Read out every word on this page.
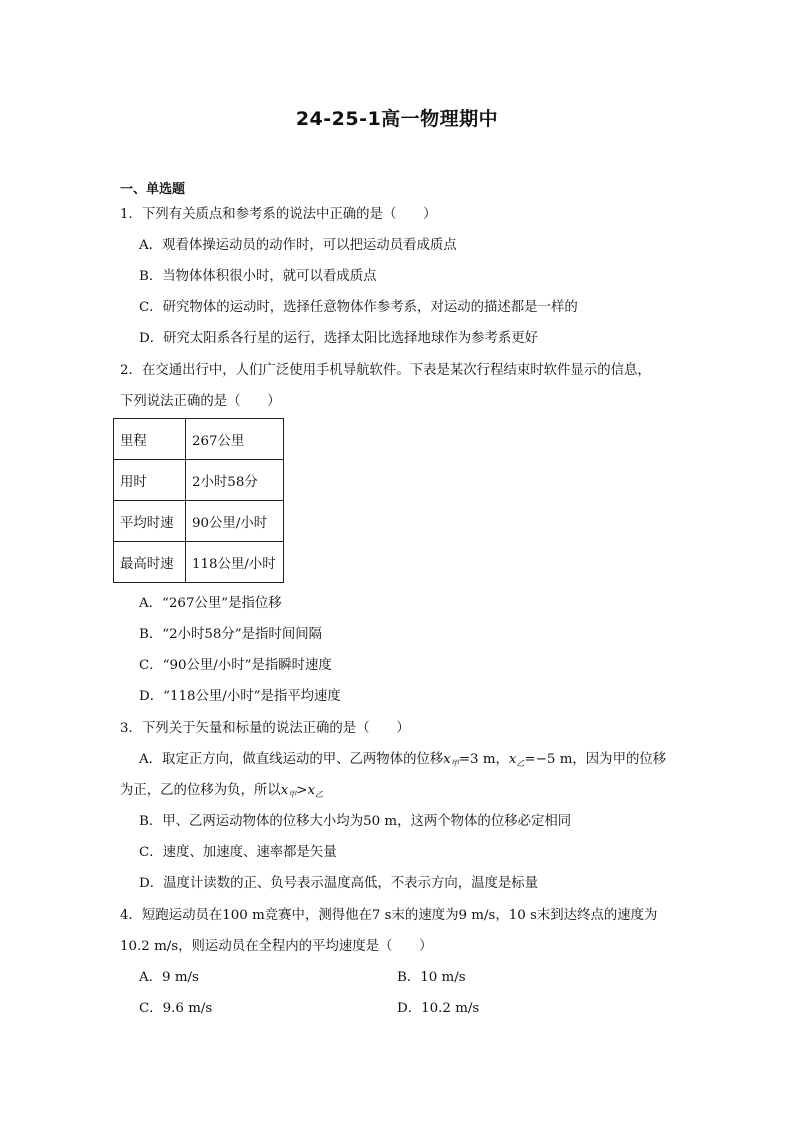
24-25-1高一物理期中
一、单选题
1．下列有关质点和参考系的说法中正确的是（　　）
A．观看体操运动员的动作时，可以把运动员看成质点
B．当物体体积很小时，就可以看成质点
C．研究物体的运动时，选择任意物体作参考系，对运动的描述都是一样的
D．研究太阳系各行星的运行，选择太阳比选择地球作为参考系更好
2．在交通出行中，人们广泛使用手机导航软件。下表是某次行程结束时软件显示的信息，
下列说法正确的是（　　）
里程	267公里
用时	2小时58分
平均时速	90公里/小时
最高时速	118公里/小时
A．“267公里”是指位移
B．“2小时58分”是指时间间隔
C．“90公里/小时”是指瞬时速度
D．“118公里/小时”是指平均速度
3．下列关于矢量和标量的说法正确的是（　　）
A．取定正方向，做直线运动的甲、乙两物体的位移$x_甲=3$ m，$x_乙=-5$ m，因为甲的位移
为正，乙的位移为负，所以$x_甲>x_乙$
B．甲、乙两运动物体的位移大小均为50 m，这两个物体的位移必定相同
C．速度、加速度、速率都是矢量
D．温度计读数的正、负号表示温度高低，不表示方向，温度是标量
4．短跑运动员在100 m竞赛中，测得他在7 s末的速度为9 m/s，10 s末到达终点的速度为
10.2 m/s，则运动员在全程内的平均速度是（　　）
A．9 m/s	B．10 m/s
C．9.6 m/s	D．10.2 m/s
